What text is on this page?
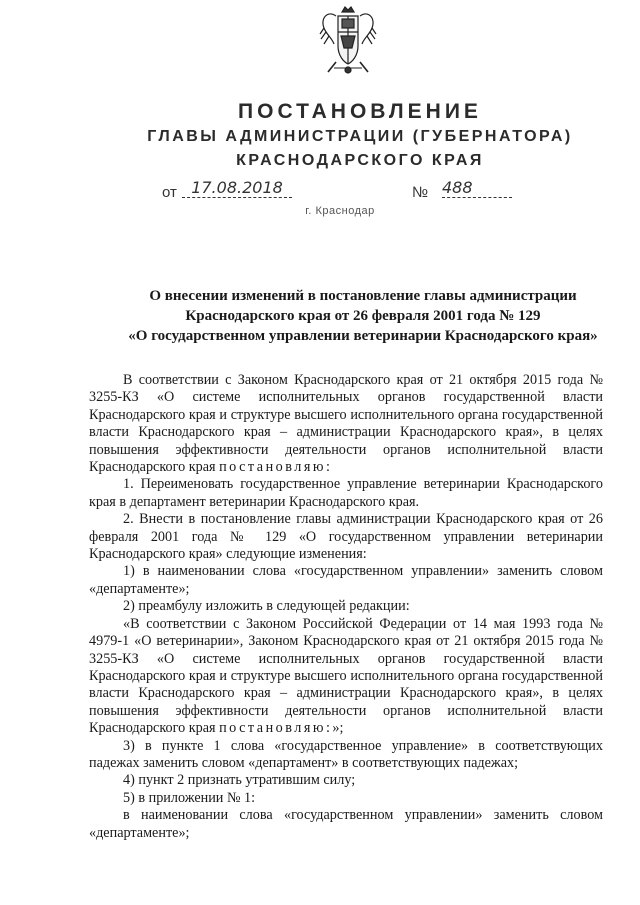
ПОСТАНОВЛЕНИЕ
ГЛАВЫ АДМИНИСТРАЦИИ (ГУБЕРНАТОРА)
КРАСНОДАРСКОГО КРАЯ
от 17.08.2018	№ 488
г. Краснодар
О внесении изменений в постановление главы администрации
Краснодарского края от 26 февраля 2001 года № 129
«О государственном управлении ветеринарии Краснодарского края»

В соответствии с Законом Краснодарского края от 21 октября 2015 года № 3255-КЗ «О системе исполнительных органов государственной власти Краснодарского края и структуре высшего исполнительного органа государственной власти Краснодарского края – администрации Краснодарского края», в целях повышения эффективности деятельности органов исполнительной власти Краснодарского края постановляю:

1. Переименовать государственное управление ветеринарии Краснодарского края в департамент ветеринарии Краснодарского края.

2. Внести в постановление главы администрации Краснодарского края от 26 февраля 2001 года № 129 «О государственном управлении ветеринарии Краснодарского края» следующие изменения:

1) в наименовании слова «государственном управлении» заменить словом «департаменте»;

2) преамбулу изложить в следующей редакции:

«В соответствии с Законом Российской Федерации от 14 мая 1993 года № 4979-1 «О ветеринарии», Законом Краснодарского края от 21 октября 2015 года № 3255-КЗ «О системе исполнительных органов государственной власти Краснодарского края и структуре высшего исполнительного органа государственной власти Краснодарского края – администрации Краснодарского края», в целях повышения эффективности деятельности органов исполнительной власти Краснодарского края постановляю:»;

3) в пункте 1 слова «государственное управление» в соответствующих падежах заменить словом «департамент» в соответствующих падежах;

4) пункт 2 признать утратившим силу;

5) в приложении № 1:

в наименовании слова «государственном управлении» заменить словом «департаменте»;
